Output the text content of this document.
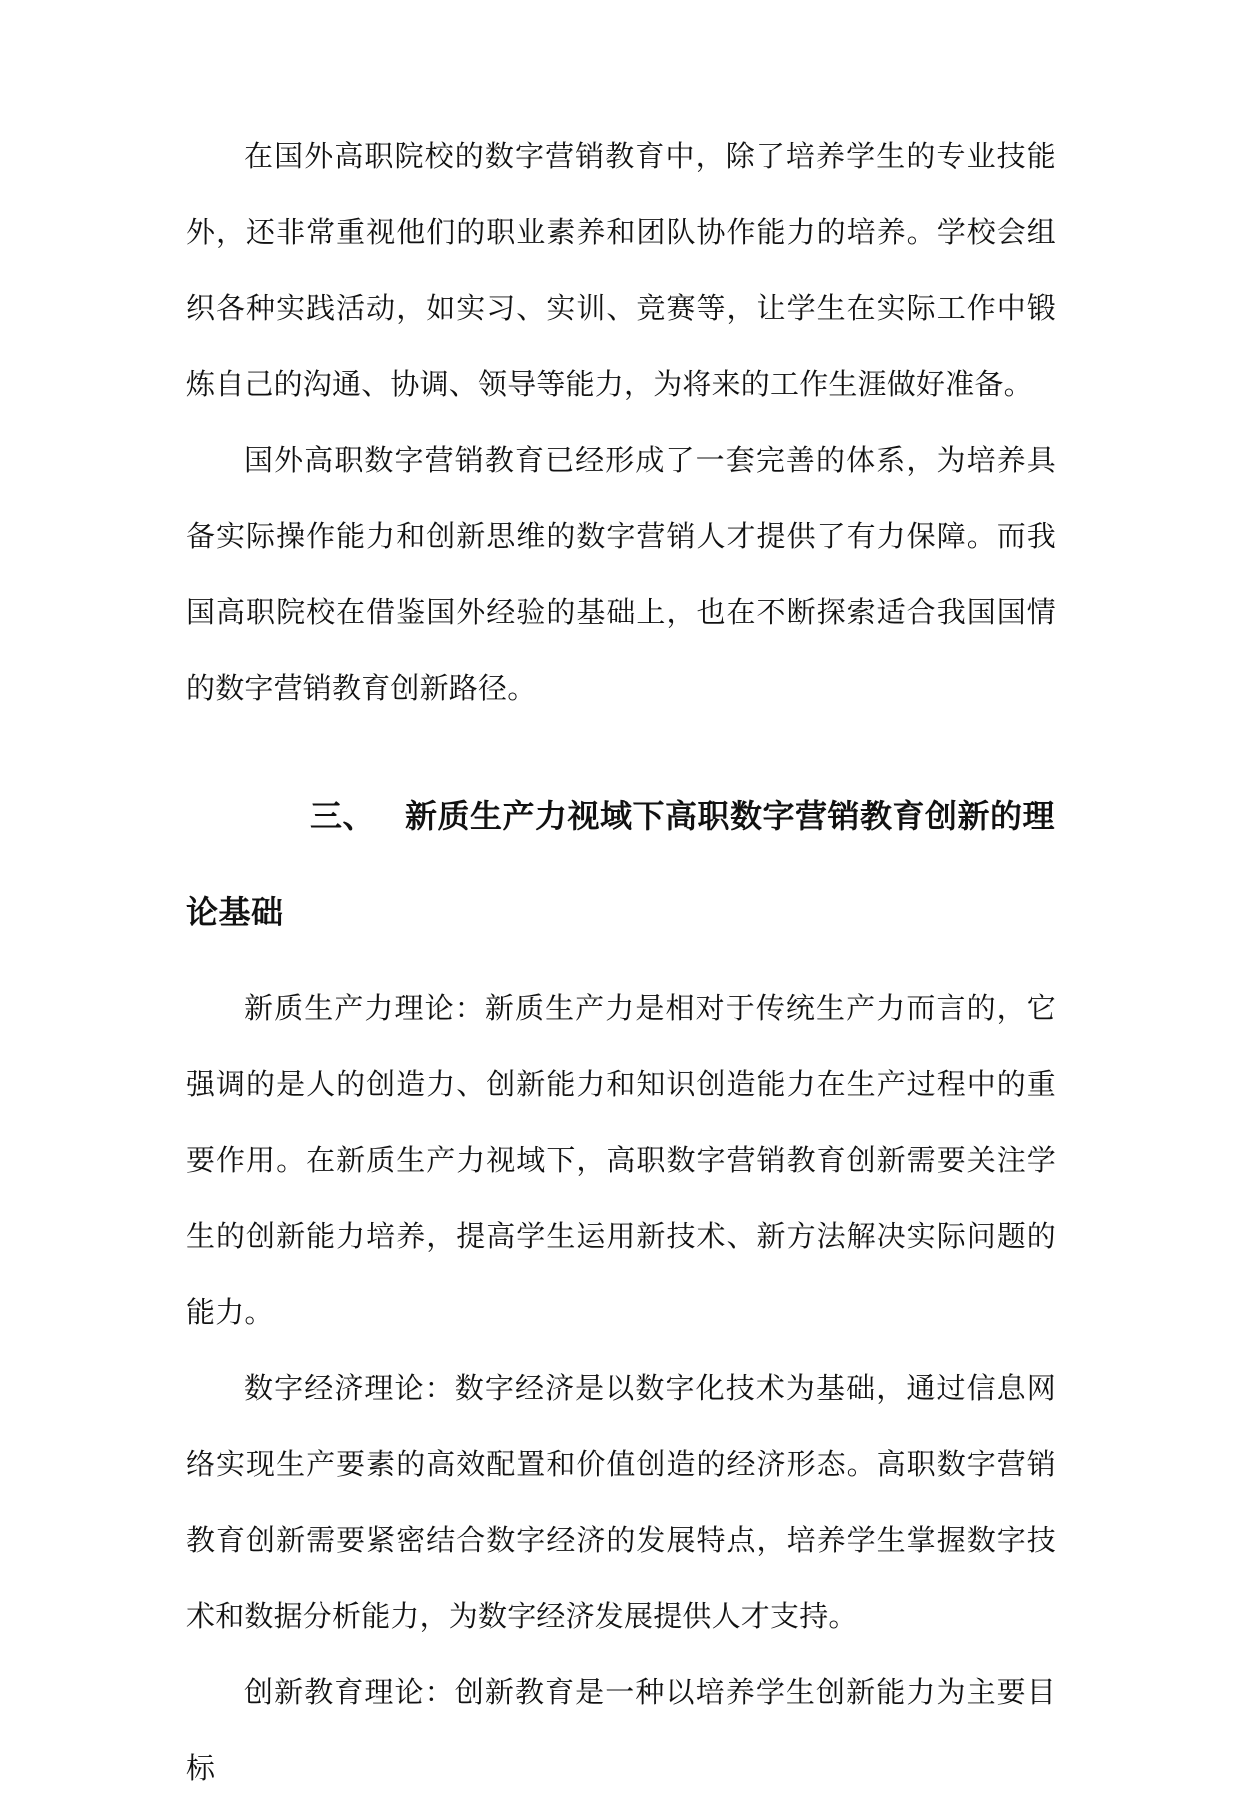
在国外高职院校的数字营销教育中，除了培养学生的专业技能外，还非常重视他们的职业素养和团队协作能力的培养。学校会组织各种实践活动，如实习、实训、竞赛等，让学生在实际工作中锻炼自己的沟通、协调、领导等能力，为将来的工作生涯做好准备。

国外高职数字营销教育已经形成了一套完善的体系，为培养具备实际操作能力和创新思维的数字营销人才提供了有力保障。而我国高职院校在借鉴国外经验的基础上，也在不断探索适合我国国情的数字营销教育创新路径。

三、 新质生产力视域下高职数字营销教育创新的理论基础

新质生产力理论：新质生产力是相对于传统生产力而言的，它强调的是人的创造力、创新能力和知识创造能力在生产过程中的重要作用。在新质生产力视域下，高职数字营销教育创新需要关注学生的创新能力培养，提高学生运用新技术、新方法解决实际问题的能力。

数字经济理论：数字经济是以数字化技术为基础，通过信息网络实现生产要素的高效配置和价值创造的经济形态。高职数字营销教育创新需要紧密结合数字经济的发展特点，培养学生掌握数字技术和数据分析能力，为数字经济发展提供人才支持。

创新教育理论：创新教育是一种以培养学生创新能力为主要目标
